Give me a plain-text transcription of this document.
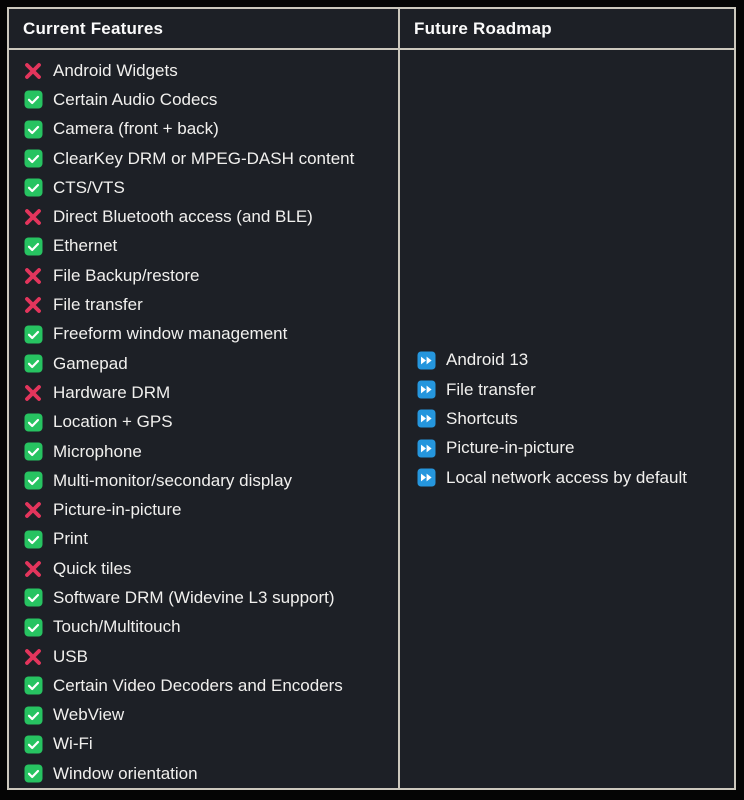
Current Features	Future Roadmap
Android Widgets
Certain Audio Codecs
Camera (front + back)
ClearKey DRM or MPEG-DASH content
CTS/VTS
Direct Bluetooth access (and BLE)
Ethernet
File Backup/restore
File transfer
Freeform window management
Gamepad
Hardware DRM
Location + GPS
Microphone
Multi-monitor/secondary display
Picture-in-picture
Print
Quick tiles
Software DRM (Widevine L3 support)
Touch/Multitouch
USB
Certain Video Decoders and Encoders
WebView
Wi-Fi
Window orientation
Android 13
File transfer
Shortcuts
Picture-in-picture
Local network access by default
